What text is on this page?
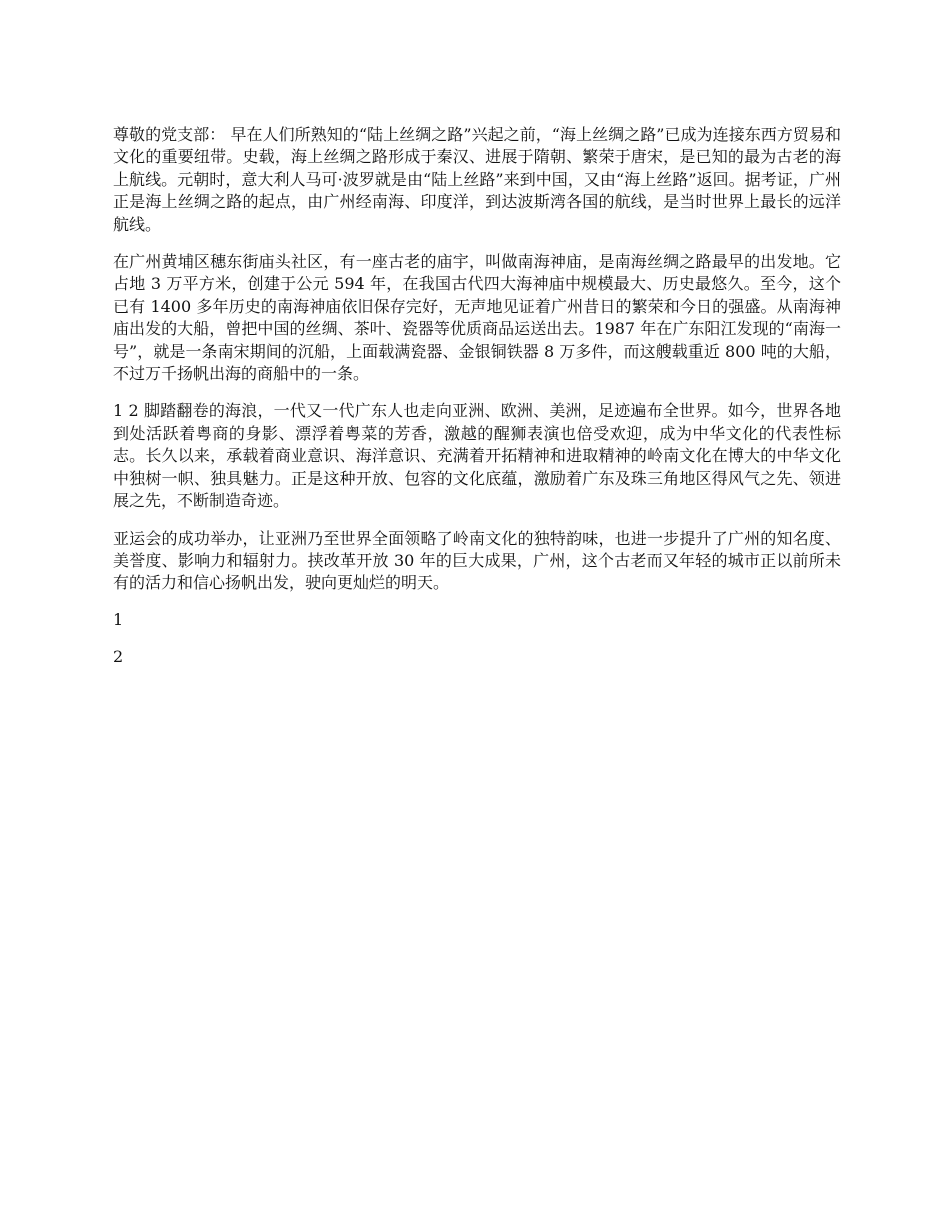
尊敬的党支部： 早在人们所熟知的“陆上丝绸之路”兴起之前，“海上丝绸之路”已成为连接东西方贸易和文化的重要纽带。史载，海上丝绸之路形成于秦汉、进展于隋朝、繁荣于唐宋，是已知的最为古老的海上航线。元朝时，意大利人马可·波罗就是由“陆上丝路”来到中国，又由“海上丝路”返回。据考证，广州正是海上丝绸之路的起点，由广州经南海、印度洋，到达波斯湾各国的航线，是当时世界上最长的远洋航线。

在广州黄埔区穗东街庙头社区，有一座古老的庙宇，叫做南海神庙，是南海丝绸之路最早的出发地。它占地 3 万平方米，创建于公元 594 年，在我国古代四大海神庙中规模最大、历史最悠久。至今，这个已有 1400 多年历史的南海神庙依旧保存完好，无声地见证着广州昔日的繁荣和今日的强盛。从南海神庙出发的大船，曾把中国的丝绸、茶叶、瓷器等优质商品运送出去。1987 年在广东阳江发现的“南海一号”，就是一条南宋期间的沉船，上面载满瓷器、金银铜铁器 8 万多件，而这艘载重近 800 吨的大船，不过万千扬帆出海的商船中的一条。

1 2 脚踏翻卷的海浪，一代又一代广东人也走向亚洲、欧洲、美洲，足迹遍布全世界。如今，世界各地到处活跃着粤商的身影、漂浮着粤菜的芳香，激越的醒狮表演也倍受欢迎，成为中华文化的代表性标志。长久以来，承载着商业意识、海洋意识、充满着开拓精神和进取精神的岭南文化在博大的中华文化中独树一帜、独具魅力。正是这种开放、包容的文化底蕴，激励着广东及珠三角地区得风气之先、领进展之先，不断制造奇迹。

亚运会的成功举办，让亚洲乃至世界全面领略了岭南文化的独特韵味，也进一步提升了广州的知名度、美誉度、影响力和辐射力。挟改革开放 30 年的巨大成果，广州，这个古老而又年轻的城市正以前所未有的活力和信心扬帆出发，驶向更灿烂的明天。

1

2
